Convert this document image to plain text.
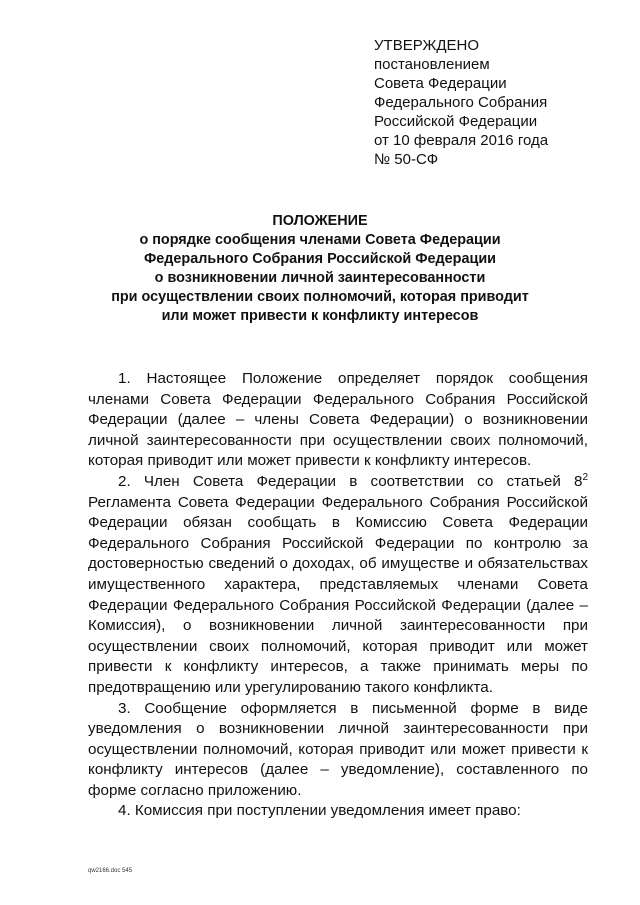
УТВЕРЖДЕНО
постановлением
Совета Федерации
Федерального Собрания
Российской Федерации
от 10 февраля 2016 года
№ 50-СФ
ПОЛОЖЕНИЕ
о порядке сообщения членами Совета Федерации
Федерального Собрания Российской Федерации
о возникновении личной заинтересованности
при осуществлении своих полномочий, которая приводит
или может привести к конфликту интересов

1. Настоящее Положение определяет порядок сообщения членами Совета Федерации Федерального Собрания Российской Федерации (далее – члены Совета Федерации) о возникновении личной заинтересованности при осуществлении своих полномочий, которая приводит или может привести к конфликту интересов.

2. Член Совета Федерации в соответствии со статьей $8^2$ Регламента Совета Федерации Федерального Собрания Российской Федерации обязан сообщать в Комиссию Совета Федерации Федерального Собрания Российской Федерации по контролю за достоверностью сведений о доходах, об имуществе и обязательствах имущественного характера, представляемых членами Совета Федерации Федерального Собрания Российской Федерации (далее – Комиссия), о возникновении личной заинтересованности при осуществлении своих полномочий, которая приводит или может привести к конфликту интересов, а также принимать меры по предотвращению или урегулированию такого конфликта.

3. Сообщение оформляется в письменной форме в виде уведомления о возникновении личной заинтересованности при осуществлении полномочий, которая приводит или может привести к конфликту интересов (далее – уведомление), составленного по форме согласно приложению.

4. Комиссия при поступлении уведомления имеет право:

qw2166.doc 545
